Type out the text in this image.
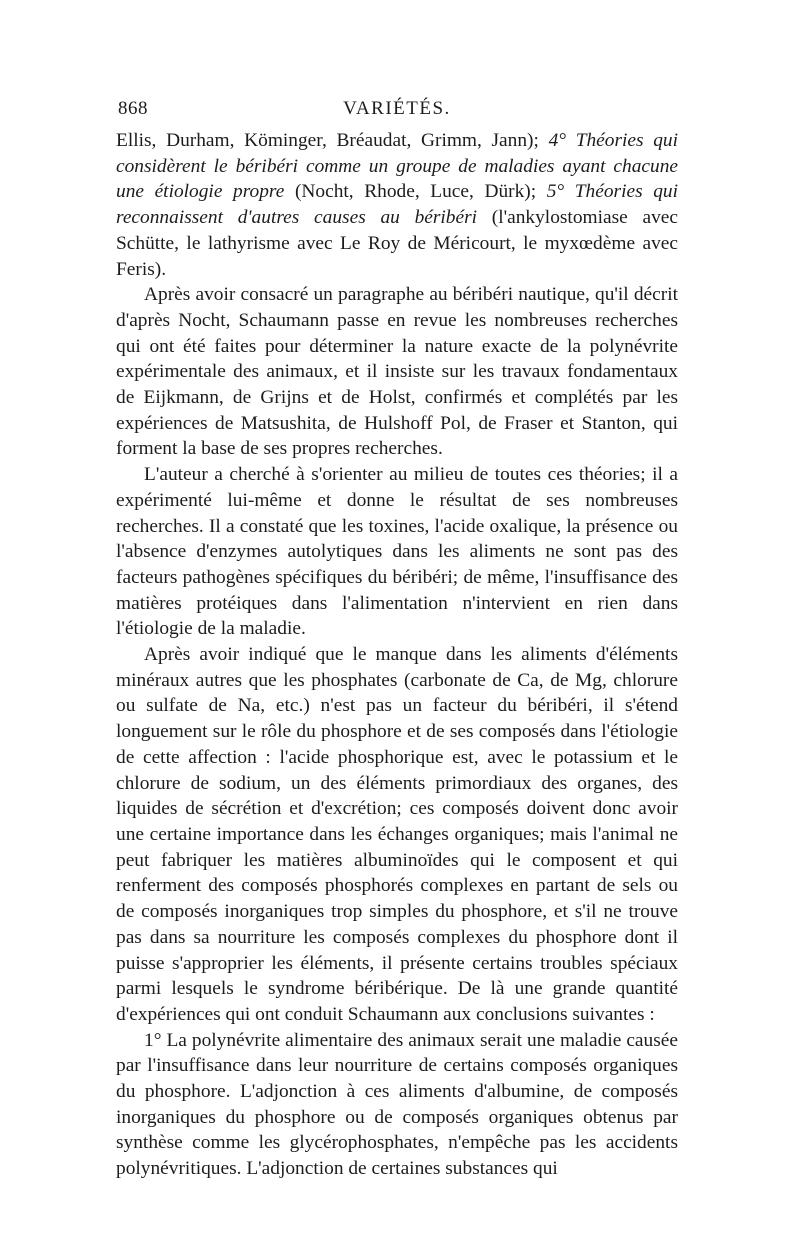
868	VARIÉTÉS.

Ellis, Durham, Köminger, Bréaudat, Grimm, Jann); 4° Théories qui considèrent le béribéri comme un groupe de maladies ayant chacune une étiologie propre (Nocht, Rhode, Luce, Dürk); 5° Théories qui reconnaissent d'autres causes au béribéri (l'ankylostomiase avec Schütte, le lathyrisme avec Le Roy de Méricourt, le myxœdème avec Feris).

Après avoir consacré un paragraphe au béribéri nautique, qu'il décrit d'après Nocht, Schaumann passe en revue les nombreuses recherches qui ont été faites pour déterminer la nature exacte de la polynévrite expérimentale des animaux, et il insiste sur les travaux fondamentaux de Eijkmann, de Grijns et de Holst, confirmés et complétés par les expériences de Matsushita, de Hulshoff Pol, de Fraser et Stanton, qui forment la base de ses propres recherches.

L'auteur a cherché à s'orienter au milieu de toutes ces théories; il a expérimenté lui-même et donne le résultat de ses nombreuses recherches. Il a constaté que les toxines, l'acide oxalique, la présence ou l'absence d'enzymes autolytiques dans les aliments ne sont pas des facteurs pathogènes spécifiques du béribéri; de même, l'insuffisance des matières protéiques dans l'alimentation n'intervient en rien dans l'étiologie de la maladie.

Après avoir indiqué que le manque dans les aliments d'éléments minéraux autres que les phosphates (carbonate de Ca, de Mg, chlorure ou sulfate de Na, etc.) n'est pas un facteur du béribéri, il s'étend longuement sur le rôle du phosphore et de ses composés dans l'étiologie de cette affection : l'acide phosphorique est, avec le potassium et le chlorure de sodium, un des éléments primordiaux des organes, des liquides de sécrétion et d'excrétion; ces composés doivent donc avoir une certaine importance dans les échanges organiques; mais l'animal ne peut fabriquer les matières albuminoïdes qui le composent et qui renferment des composés phosphorés complexes en partant de sels ou de composés inorganiques trop simples du phosphore, et s'il ne trouve pas dans sa nourriture les composés complexes du phosphore dont il puisse s'approprier les éléments, il présente certains troubles spéciaux parmi lesquels le syndrome béribérique. De là une grande quantité d'expériences qui ont conduit Schaumann aux conclusions suivantes :

1° La polynévrite alimentaire des animaux serait une maladie causée par l'insuffisance dans leur nourriture de certains composés organiques du phosphore. L'adjonction à ces aliments d'albumine, de composés inorganiques du phosphore ou de composés organiques obtenus par synthèse comme les glycérophosphates, n'empêche pas les accidents polynévritiques. L'adjonction de certaines substances qui
